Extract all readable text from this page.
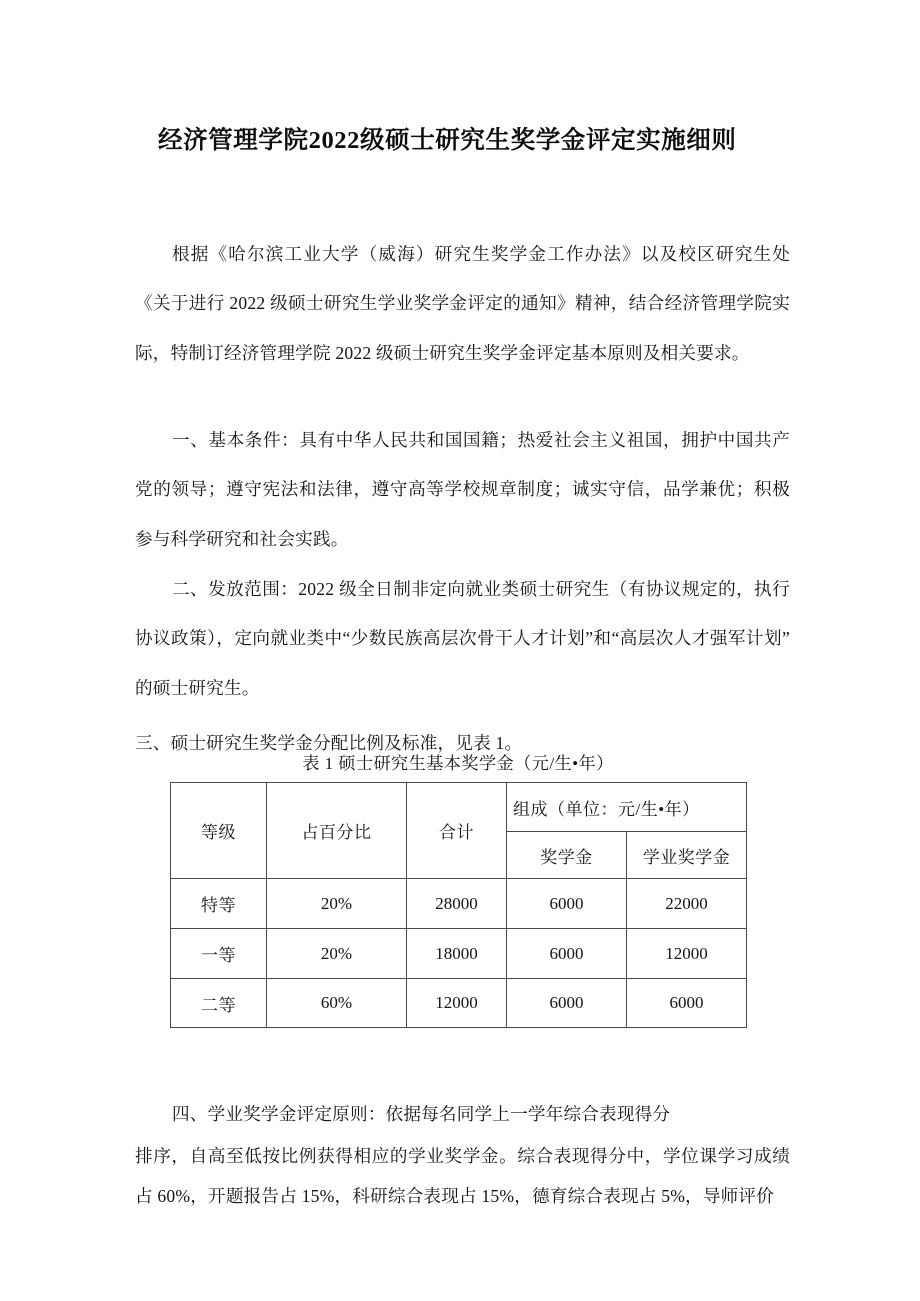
经济管理学院2022级硕士研究生奖学金评定实施细则

根据《哈尔滨工业大学（威海）研究生奖学金工作办法》以及校区研究生处《关于进行 2022 级硕士研究生学业奖学金评定的通知》精神，结合经济管理学院实际，特制订经济管理学院 2022 级硕士研究生奖学金评定基本原则及相关要求。

一、基本条件：具有中华人民共和国国籍；热爱社会主义祖国，拥护中国共产党的领导；遵守宪法和法律，遵守高等学校规章制度；诚实守信，品学兼优；积极参与科学研究和社会实践。

二、发放范围：2022 级全日制非定向就业类硕士研究生（有协议规定的，执行协议政策），定向就业类中“少数民族高层次骨干人才计划”和“高层次人才强军计划”的硕士研究生。

三、硕士研究生奖学金分配比例及标准，见表 1。

表 1 硕士研究生基本奖学金（元/生•年）
等级	占百分比	合计	组成（单位：元/生•年）	
			奖学金	学业奖学金
特等	20%	28000	6000	22000
一等	20%	18000	6000	12000
二等	60%	12000	6000	6000

四、学业奖学金评定原则：依据每名同学上一学年综合表现得分

排序，自高至低按比例获得相应的学业奖学金。综合表现得分中，学位课学习成绩占 60%，开题报告占 15%，科研综合表现占 15%，德育综合表现占 5%，导师评价
